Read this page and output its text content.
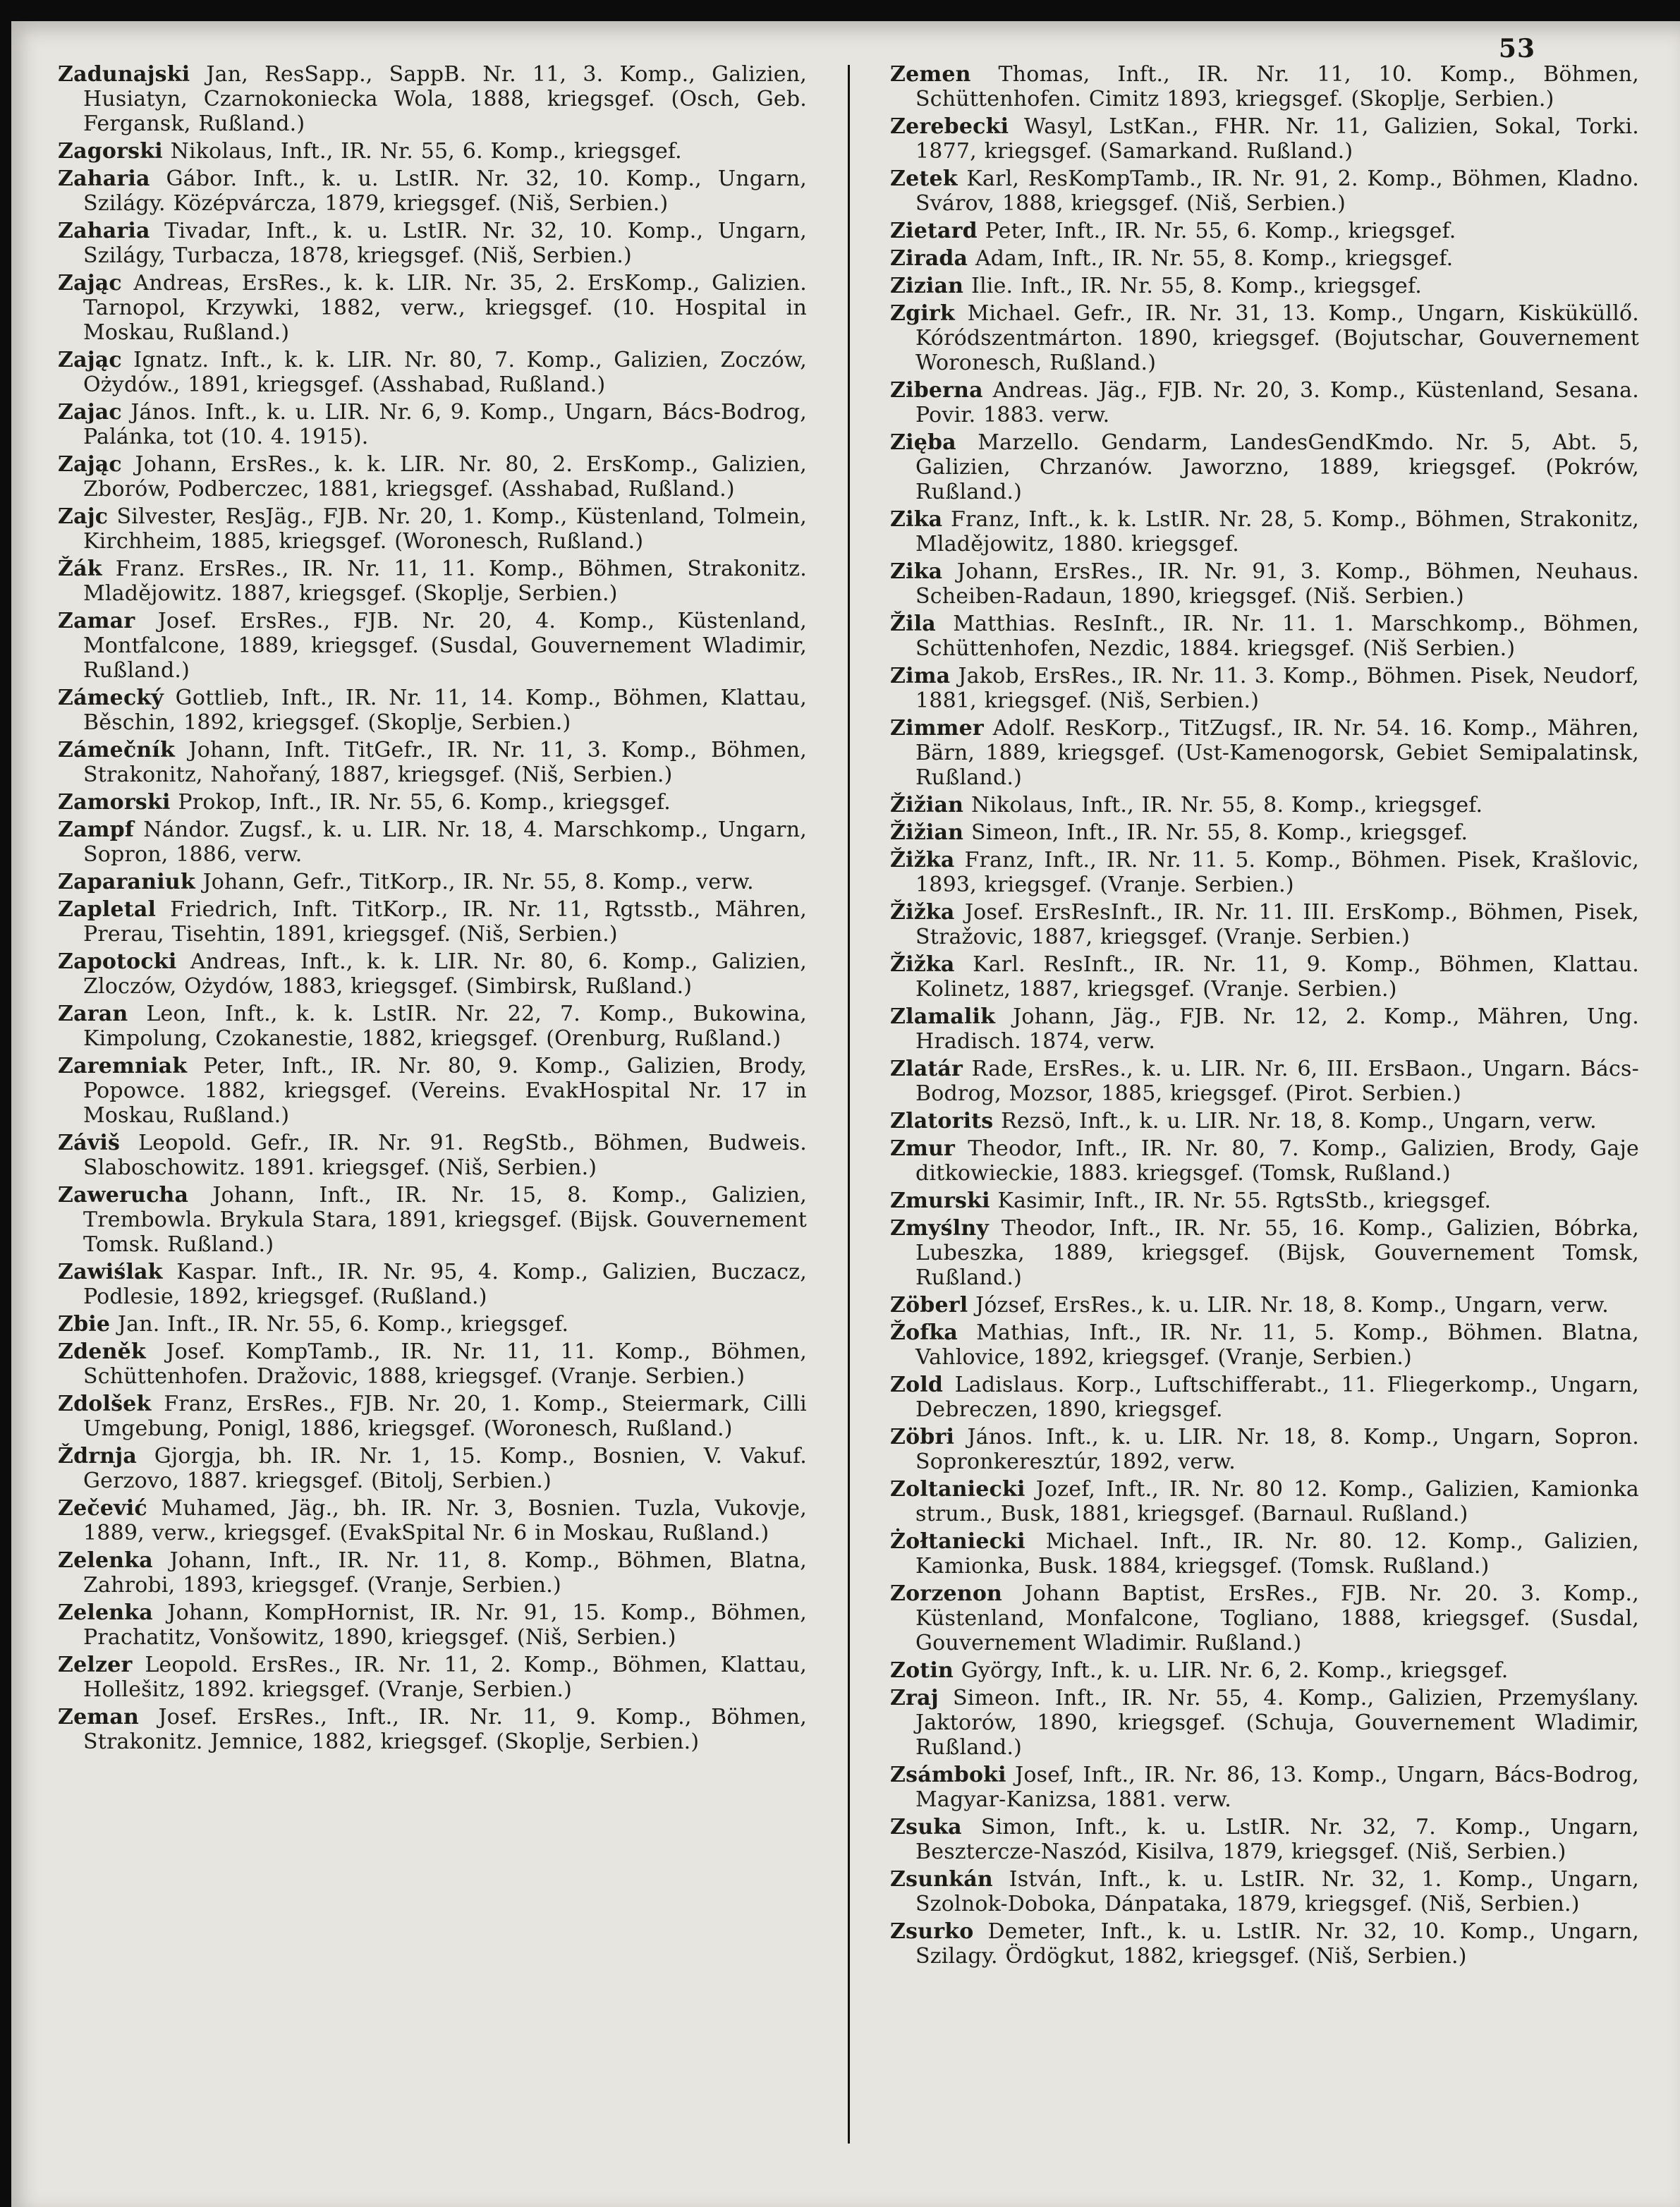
53

Zadunajski Jan, ResSapp., SappB. Nr. 11, 3. Komp., Galizien, Husiatyn, Czarnokoniecka Wola, 1888, kriegsgef. (Osch, Geb. Fergansk, Rußland.)

Zagorski Nikolaus, Inft., IR. Nr. 55, 6. Komp., kriegsgef.

Zaharia Gábor. Inft., k. u. LstIR. Nr. 32, 10. Komp., Ungarn, Szilágy. Középvárcza, 1879, kriegsgef. (Niš, Serbien.)

Zaharia Tivadar, Inft., k. u. LstIR. Nr. 32, 10. Komp., Ungarn, Szilágy, Turbacza, 1878, kriegsgef. (Niš, Serbien.)

Zając Andreas, ErsRes., k. k. LIR. Nr. 35, 2. ErsKomp., Galizien. Tarnopol, Krzywki, 1882, verw., kriegsgef. (10. Hospital in Moskau, Rußland.)

Zając Ignatz. Inft., k. k. LIR. Nr. 80, 7. Komp., Galizien, Zoczów, Ożydów., 1891, kriegsgef. (Asshabad, Rußland.)

Zajac János. Inft., k. u. LIR. Nr. 6, 9. Komp., Ungarn, Bács-Bodrog, Palánka, tot (10. 4. 1915).

Zając Johann, ErsRes., k. k. LIR. Nr. 80, 2. ErsKomp., Galizien, Zborów, Podberczec, 1881, kriegsgef. (Asshabad, Rußland.)

Zajc Silvester, ResJäg., FJB. Nr. 20, 1. Komp., Küstenland, Tolmein, Kirchheim, 1885, kriegsgef. (Woronesch, Rußland.)

Žák Franz. ErsRes., IR. Nr. 11, 11. Komp., Böhmen, Strakonitz. Mladějowitz. 1887, kriegsgef. (Skoplje, Serbien.)

Zamar Josef. ErsRes., FJB. Nr. 20, 4. Komp., Küstenland, Montfalcone, 1889, kriegsgef. (Susdal, Gouvernement Wladimir, Rußland.)

Zámecký Gottlieb, Inft., IR. Nr. 11, 14. Komp., Böhmen, Klattau, Běschin, 1892, kriegsgef. (Skoplje, Serbien.)

Zámečník Johann, Inft. TitGefr., IR. Nr. 11, 3. Komp., Böhmen, Strakonitz, Nahořaný, 1887, kriegsgef. (Niš, Serbien.)

Zamorski Prokop, Inft., IR. Nr. 55, 6. Komp., kriegsgef.

Zampf Nándor. Zugsf., k. u. LIR. Nr. 18, 4. Marschkomp., Ungarn, Sopron, 1886, verw.

Zaparaniuk Johann, Gefr., TitKorp., IR. Nr. 55, 8. Komp., verw.

Zapletal Friedrich, Inft. TitKorp., IR. Nr. 11, Rgtsstb., Mähren, Prerau, Tisehtin, 1891, kriegsgef. (Niš, Serbien.)

Zapotocki Andreas, Inft., k. k. LIR. Nr. 80, 6. Komp., Galizien, Zloczów, Ożydów, 1883, kriegsgef. (Simbirsk, Rußland.)

Zaran Leon, Inft., k. k. LstIR. Nr. 22, 7. Komp., Bukowina, Kimpolung, Czokanestie, 1882, kriegsgef. (Orenburg, Rußland.)

Zaremniak Peter, Inft., IR. Nr. 80, 9. Komp., Galizien, Brody, Popowce. 1882, kriegsgef. (Vereins. EvakHospital Nr. 17 in Moskau, Rußland.)

Záviš Leopold. Gefr., IR. Nr. 91. RegStb., Böhmen, Budweis. Slaboschowitz. 1891. kriegsgef. (Niš, Serbien.)

Zawerucha Johann, Inft., IR. Nr. 15, 8. Komp., Galizien, Trembowla. Brykula Stara, 1891, kriegsgef. (Bijsk. Gouvernement Tomsk. Rußland.)

Zawiślak Kaspar. Inft., IR. Nr. 95, 4. Komp., Galizien, Buczacz, Podlesie, 1892, kriegsgef. (Rußland.)

Zbie Jan. Inft., IR. Nr. 55, 6. Komp., kriegsgef.

Zdeněk Josef. KompTamb., IR. Nr. 11, 11. Komp., Böhmen, Schüttenhofen. Dražovic, 1888, kriegsgef. (Vranje. Serbien.)

Zdolšek Franz, ErsRes., FJB. Nr. 20, 1. Komp., Steiermark, Cilli Umgebung, Ponigl, 1886, kriegsgef. (Woronesch, Rußland.)

Ždrnja Gjorgja, bh. IR. Nr. 1, 15. Komp., Bosnien, V. Vakuf. Gerzovo, 1887. kriegsgef. (Bitolj, Serbien.)

Zečević Muhamed, Jäg., bh. IR. Nr. 3, Bosnien. Tuzla, Vukovje, 1889, verw., kriegsgef. (EvakSpital Nr. 6 in Moskau, Rußland.)

Zelenka Johann, Inft., IR. Nr. 11, 8. Komp., Böhmen, Blatna, Zahrobi, 1893, kriegsgef. (Vranje, Serbien.)

Zelenka Johann, KompHornist, IR. Nr. 91, 15. Komp., Böhmen, Prachatitz, Vonšowitz, 1890, kriegsgef. (Niš, Serbien.)

Zelzer Leopold. ErsRes., IR. Nr. 11, 2. Komp., Böhmen, Klattau, Hollešitz, 1892. kriegsgef. (Vranje, Serbien.)

Zeman Josef. ErsRes., Inft., IR. Nr. 11, 9. Komp., Böhmen, Strakonitz. Jemnice, 1882, kriegsgef. (Skoplje, Serbien.)

Zemen Thomas, Inft., IR. Nr. 11, 10. Komp., Böhmen, Schüttenhofen. Cimitz 1893, kriegsgef. (Skoplje, Serbien.)

Zerebecki Wasyl, LstKan., FHR. Nr. 11, Galizien, Sokal, Torki. 1877, kriegsgef. (Samarkand. Rußland.)

Zetek Karl, ResKompTamb., IR. Nr. 91, 2. Komp., Böhmen, Kladno. Svárov, 1888, kriegsgef. (Niš, Serbien.)

Zietard Peter, Inft., IR. Nr. 55, 6. Komp., kriegsgef.

Zirada Adam, Inft., IR. Nr. 55, 8. Komp., kriegsgef.

Zizian Ilie. Inft., IR. Nr. 55, 8. Komp., kriegsgef.

Zgirk Michael. Gefr., IR. Nr. 31, 13. Komp., Ungarn, Kisküküllő. Kóródszentmárton. 1890, kriegsgef. (Bojutschar, Gouvernement Woronesch, Rußland.)

Ziberna Andreas. Jäg., FJB. Nr. 20, 3. Komp., Küstenland, Sesana. Povir. 1883. verw.

Zięba Marzello. Gendarm, LandesGendKmdo. Nr. 5, Abt. 5, Galizien, Chrzanów. Jaworzno, 1889, kriegsgef. (Pokrów, Rußland.)

Zika Franz, Inft., k. k. LstIR. Nr. 28, 5. Komp., Böhmen, Strakonitz, Mladějowitz, 1880. kriegsgef.

Zika Johann, ErsRes., IR. Nr. 91, 3. Komp., Böhmen, Neuhaus. Scheiben-Radaun, 1890, kriegsgef. (Niš. Serbien.)

Žila Matthias. ResInft., IR. Nr. 11. 1. Marschkomp., Böhmen, Schüttenhofen, Nezdic, 1884. kriegsgef. (Niš Serbien.)

Zima Jakob, ErsRes., IR. Nr. 11. 3. Komp., Böhmen. Pisek, Neudorf, 1881, kriegsgef. (Niš, Serbien.)

Zimmer Adolf. ResKorp., TitZugsf., IR. Nr. 54. 16. Komp., Mähren, Bärn, 1889, kriegsgef. (Ust-Kamenogorsk, Gebiet Semipalatinsk, Rußland.)

Žižian Nikolaus, Inft., IR. Nr. 55, 8. Komp., kriegsgef.

Žižian Simeon, Inft., IR. Nr. 55, 8. Komp., kriegsgef.

Žižka Franz, Inft., IR. Nr. 11. 5. Komp., Böhmen. Pisek, Krašlovic, 1893, kriegsgef. (Vranje. Serbien.)

Žižka Josef. ErsResInft., IR. Nr. 11. III. ErsKomp., Böhmen, Pisek, Stražovic, 1887, kriegsgef. (Vranje. Serbien.)

Žižka Karl. ResInft., IR. Nr. 11, 9. Komp., Böhmen, Klattau. Kolinetz, 1887, kriegsgef. (Vranje. Serbien.)

Zlamalik Johann, Jäg., FJB. Nr. 12, 2. Komp., Mähren, Ung. Hradisch. 1874, verw.

Zlatár Rade, ErsRes., k. u. LIR. Nr. 6, III. ErsBaon., Ungarn. Bács-Bodrog, Mozsor, 1885, kriegsgef. (Pirot. Serbien.)

Zlatorits Rezsö, Inft., k. u. LIR. Nr. 18, 8. Komp., Ungarn, verw.

Zmur Theodor, Inft., IR. Nr. 80, 7. Komp., Galizien, Brody, Gaje ditkowieckie, 1883. kriegsgef. (Tomsk, Rußland.)

Zmurski Kasimir, Inft., IR. Nr. 55. RgtsStb., kriegsgef.

Zmyślny Theodor, Inft., IR. Nr. 55, 16. Komp., Galizien, Bóbrka, Lubeszka, 1889, kriegsgef. (Bijsk, Gouvernement Tomsk, Rußland.)

Zöberl József, ErsRes., k. u. LIR. Nr. 18, 8. Komp., Ungarn, verw.

Žofka Mathias, Inft., IR. Nr. 11, 5. Komp., Böhmen. Blatna, Vahlovice, 1892, kriegsgef. (Vranje, Serbien.)

Zold Ladislaus. Korp., Luftschifferabt., 11. Fliegerkomp., Ungarn, Debreczen, 1890, kriegsgef.

Zöbri János. Inft., k. u. LIR. Nr. 18, 8. Komp., Ungarn, Sopron. Sopronkeresztúr, 1892, verw.

Zoltaniecki Jozef, Inft., IR. Nr. 80 12. Komp., Galizien, Kamionka strum., Busk, 1881, kriegsgef. (Barnaul. Rußland.)

Żołtaniecki Michael. Inft., IR. Nr. 80. 12. Komp., Galizien, Kamionka, Busk. 1884, kriegsgef. (Tomsk. Rußland.)

Zorzenon Johann Baptist, ErsRes., FJB. Nr. 20. 3. Komp., Küstenland, Monfalcone, Togliano, 1888, kriegsgef. (Susdal, Gouvernement Wladimir. Rußland.)

Zotin György, Inft., k. u. LIR. Nr. 6, 2. Komp., kriegsgef.

Zraj Simeon. Inft., IR. Nr. 55, 4. Komp., Galizien, Przemyślany. Jaktorów, 1890, kriegsgef. (Schuja, Gouvernement Wladimir, Rußland.)

Zsámboki Josef, Inft., IR. Nr. 86, 13. Komp., Ungarn, Bács-Bodrog, Magyar-Kanizsa, 1881. verw.

Zsuka Simon, Inft., k. u. LstIR. Nr. 32, 7. Komp., Ungarn, Besztercze-Naszód, Kisilva, 1879, kriegsgef. (Niš, Serbien.)

Zsunkán István, Inft., k. u. LstIR. Nr. 32, 1. Komp., Ungarn, Szolnok-Doboka, Dánpataka, 1879, kriegsgef. (Niš, Serbien.)

Zsurko Demeter, Inft., k. u. LstIR. Nr. 32, 10. Komp., Ungarn, Szilagy. Ördögkut, 1882, kriegsgef. (Niš, Serbien.)
